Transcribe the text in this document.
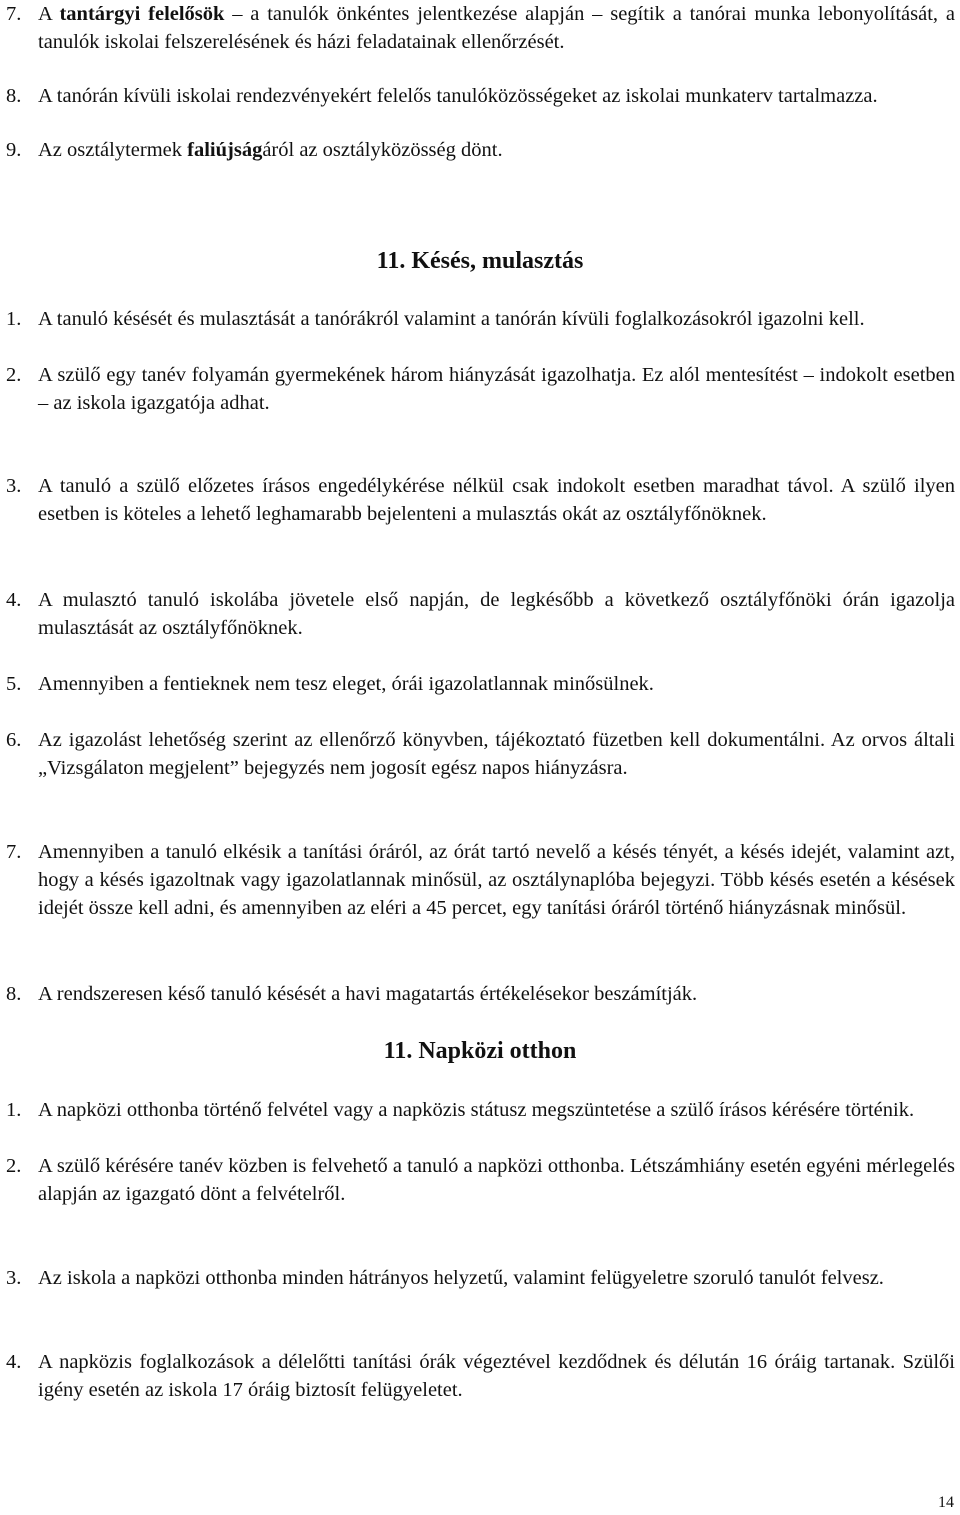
7. A tantárgyi felelősök – a tanulók önkéntes jelentkezése alapján – segítik a tanórai munka lebonyolítását, a tanulók iskolai felszerelésének és házi feladatainak ellenőrzését.
8. A tanórán kívüli iskolai rendezvényekért felelős tanulóközösségeket az iskolai munkaterv tartalmazza.
9. Az osztálytermek faliújságáról az osztályközösség dönt.
11. Késés, mulasztás
1. A tanuló késését és mulasztását a tanórákról valamint a tanórán kívüli foglalkozásokról igazolni kell.
2. A szülő egy tanév folyamán gyermekének három hiányzását igazolhatja. Ez alól mentesítést – indokolt esetben – az iskola igazgatója adhat.
3. A tanuló a szülő előzetes írásos engedélykérése nélkül csak indokolt esetben maradhat távol. A szülő ilyen esetben is köteles a lehető leghamarabb bejelenteni a mulasztás okát az osztályfőnöknek.
4. A mulasztó tanuló iskolába jövetele első napján, de legkésőbb a következő osztályfőnöki órán igazolja mulasztását az osztályfőnöknek.
5. Amennyiben a fentieknek nem tesz eleget, órái igazolatlannak minősülnek.
6. Az igazolást lehetőség szerint az ellenőrző könyvben, tájékoztató füzetben kell dokumentálni. Az orvos általi „Vizsgálaton megjelent” bejegyzés nem jogosít egész napos hiányzásra.
7. Amennyiben a tanuló elkésik a tanítási óráról, az órát tartó nevelő a késés tényét, a késés idejét, valamint azt, hogy a késés igazoltnak vagy igazolatlannak minősül, az osztálynaplóba bejegyzi. Több késés esetén a késések idejét össze kell adni, és amennyiben az eléri a 45 percet, egy tanítási óráról történő hiányzásnak minősül.
8. A rendszeresen késő tanuló késését a havi magatartás értékelésekor beszámítják.
11. Napközi otthon
1. A napközi otthonba történő felvétel vagy a napközis státusz megszüntetése a szülő írásos kérésére történik.
2. A szülő kérésére tanév közben is felvehető a tanuló a napközi otthonba. Létszámhiány esetén egyéni mérlegelés alapján az igazgató dönt a felvételről.
3. Az iskola a napközi otthonba minden hátrányos helyzetű, valamint felügyeletre szoruló tanulót felvesz.
4. A napközis foglalkozások a délelőtti tanítási órák végeztével kezdődnek és délután 16 óráig tartanak. Szülői igény esetén az iskola 17 óráig biztosít felügyeletet.
14
